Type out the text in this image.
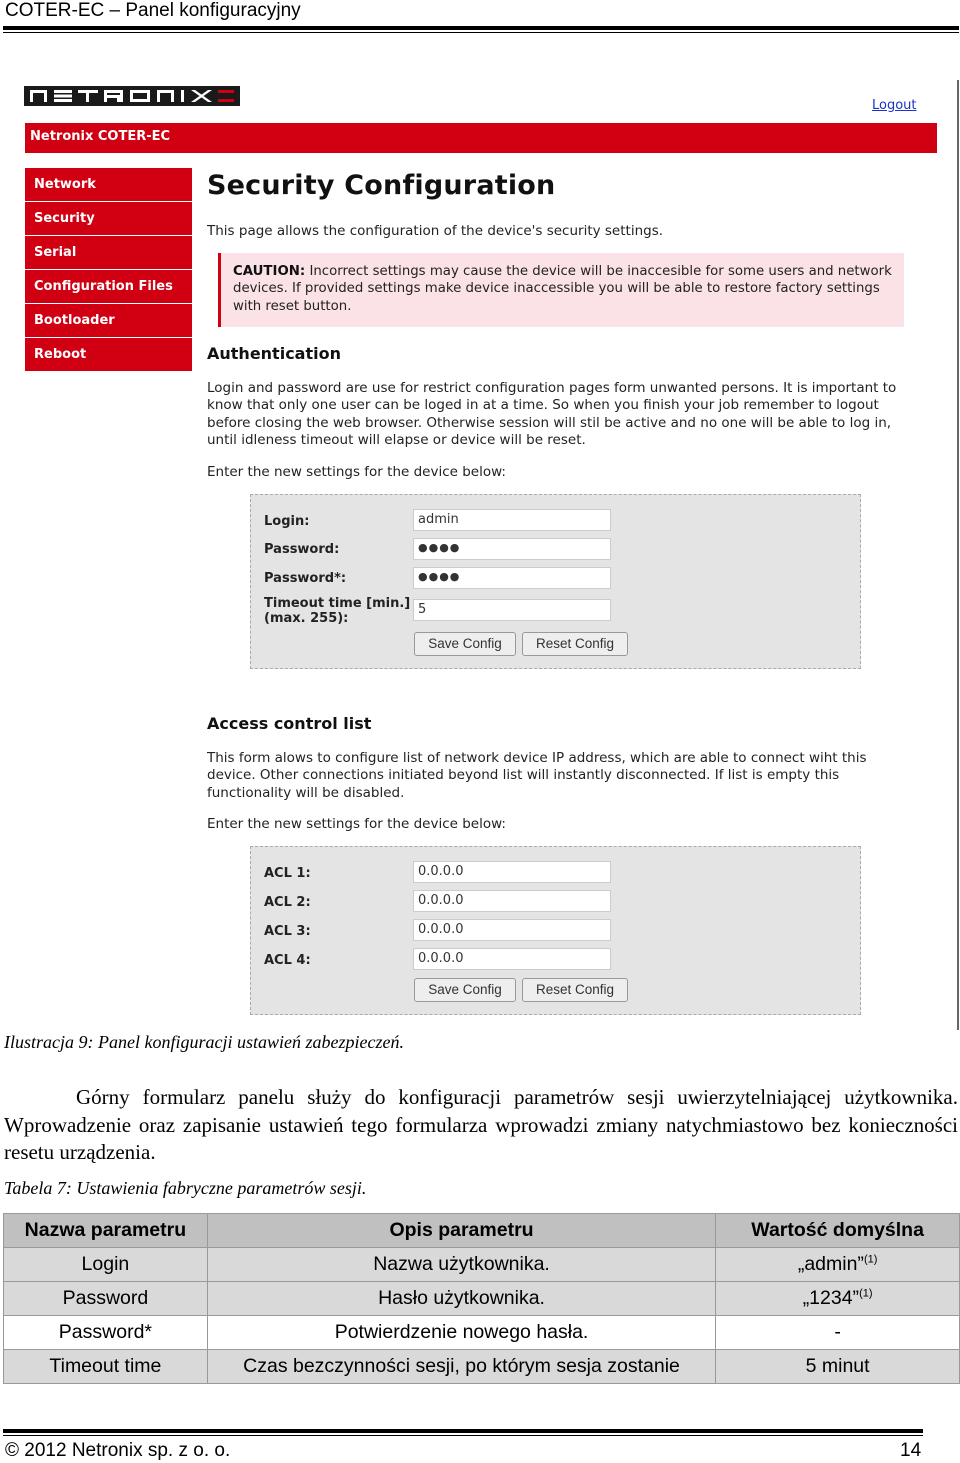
COTER-EC – Panel konfiguracyjny
Logout
Netronix COTER-EC
Network
Security
Serial
Configuration Files
Bootloader
Reboot
Security Configuration
This page allows the configuration of the device's security settings.
CAUTION: Incorrect settings may cause the device will be inaccesible for some users and network devices. If provided settings make device inaccessible you will be able to restore factory settings with reset button.
Authentication
Login and password are use for restrict configuration pages form unwanted persons. It is important to know that only one user can be loged in at a time. So when you finish your job remember to logout before closing the web browser. Otherwise session will stil be active and no one will be able to log in, until idleness timeout will elapse or device will be reset.
Enter the new settings for the device below:
Login:	admin
Password:	●●●●
Password*:	●●●●
Timeout time [min.]
(max. 255):
5
Save Config	Reset Config
Access control list
This form alows to configure list of network device IP address, which are able to connect wiht this device. Other connections initiated beyond list will instantly disconnected. If list is empty this functionality will be disabled.
Enter the new settings for the device below:
ACL 1:	0.0.0.0
ACL 2:	0.0.0.0
ACL 3:	0.0.0.0
ACL 4:	0.0.0.0
Save Config	Reset Config
Ilustracja 9: Panel konfiguracji ustawień zabezpieczeń.
Górny formularz panelu służy do konfiguracji parametrów sesji uwierzytelniającej użytkownika. Wprowadzenie oraz zapisanie ustawień tego formularza wprowadzi zmiany natychmiastowo bez konieczności resetu urządzenia.
Tabela 7: Ustawienia fabryczne parametrów sesji.
Nazwa parametru	Opis parametru	Wartość domyślna
Login	Nazwa użytkownika.	„admin”$^{(1)}$
Password	Hasło użytkownika.	„1234”$^{(1)}$
Password*	Potwierdzenie nowego hasła.	-
Timeout time	Czas bezczynności sesji, po którym sesja zostanie	5 minut
© 2012 Netronix sp. z o. o.	14
